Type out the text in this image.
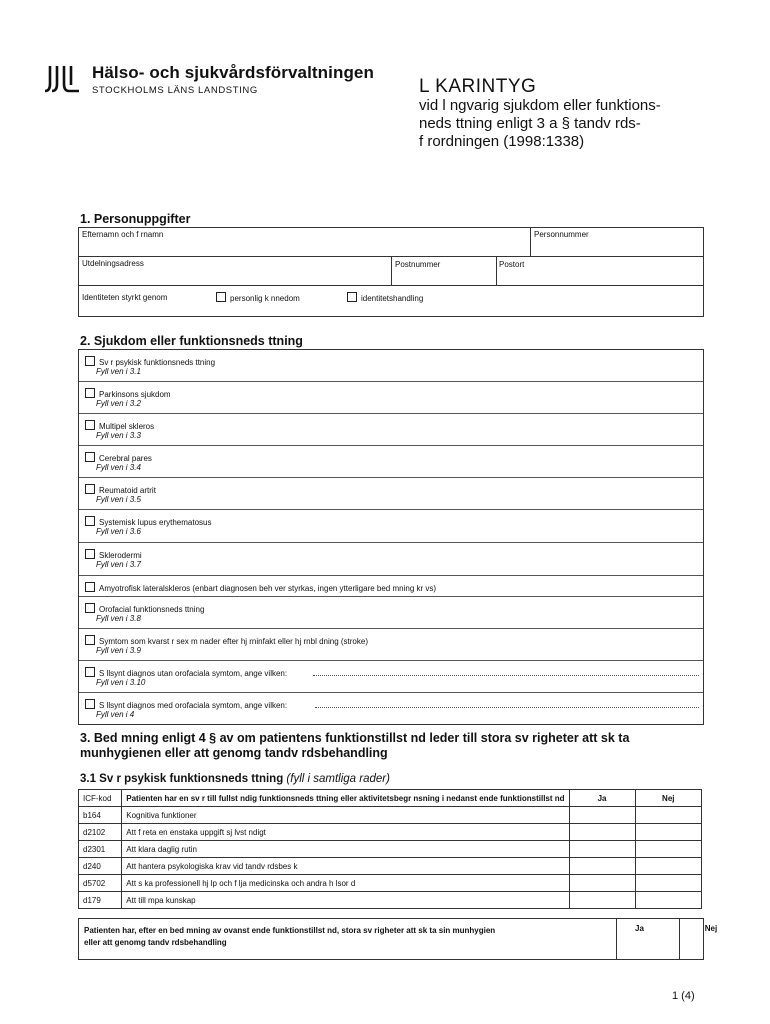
Hälso- och sjukvårdsförvaltningen
STOCKHOLMS LÄNS LANDSTING	L KARINTYG
vid l ngvarig sjukdom eller funktions-
neds ttning enligt 3 a § tandv rds-
f rordningen (1998:1338)
1. Personuppgifter
Efternamn och f rnamn	Personnummer
Utdelningsadress	Postnummer	Postort
Identiteten styrkt genom	personlig k nnedom	identitetshandling
2. Sjukdom eller funktionsneds ttning
Sv r psykisk funktionsneds ttning
Fyll ven i 3.1
Parkinsons sjukdom
Fyll ven i 3.2
Multipel skleros
Fyll ven i 3.3
Cerebral pares
Fyll ven i 3.4
Reumatoid artrit
Fyll ven i 3.5
Systemisk lupus erythematosus
Fyll ven i 3.6
Sklerodermi
Fyll ven i 3.7
Amyotrofisk lateralskleros (enbart diagnosen beh ver styrkas, ingen ytterligare bed mning kr vs)
Orofacial funktionsneds ttning
Fyll ven i 3.8
Symtom som kvarst r sex m nader efter hj rninfakt eller hj rnbl dning (stroke)
Fyll ven i 3.9
S llsynt diagnos utan orofaciala symtom, ange vilken:
Fyll ven i 3.10
S llsynt diagnos med orofaciala symtom, ange vilken:
Fyll ven i 4
3. Bed mning enligt 4 § av om patientens funktionstillst nd leder till stora sv righeter att sk ta
munhygienen eller att genomg tandv rdsbehandling
3.1 Sv r psykisk funktionsneds ttning (fyll i samtliga rader)
ICF-kod	Patienten har en sv r till fullst ndig funktionsneds ttning eller aktivitetsbegr nsning i nedanst ende funktionstillst nd	Ja	Nej
b164	Kognitiva funktioner		
d2102	Att f reta en enstaka uppgift sj lvst ndigt		
d2301	Att klara daglig rutin		
d240	Att hantera psykologiska krav vid tandv rdsbes k		
d5702	Att s ka professionell hj lp och f lja medicinska och andra h lsor d		
d179	Att till mpa kunskap		
Patienten har, efter en bed mning av ovanst ende funktionstillst nd, stora sv righeter att sk ta sin munhygien
eller att genomg tandv rdsbehandling
Ja	Nej
1 (4)
